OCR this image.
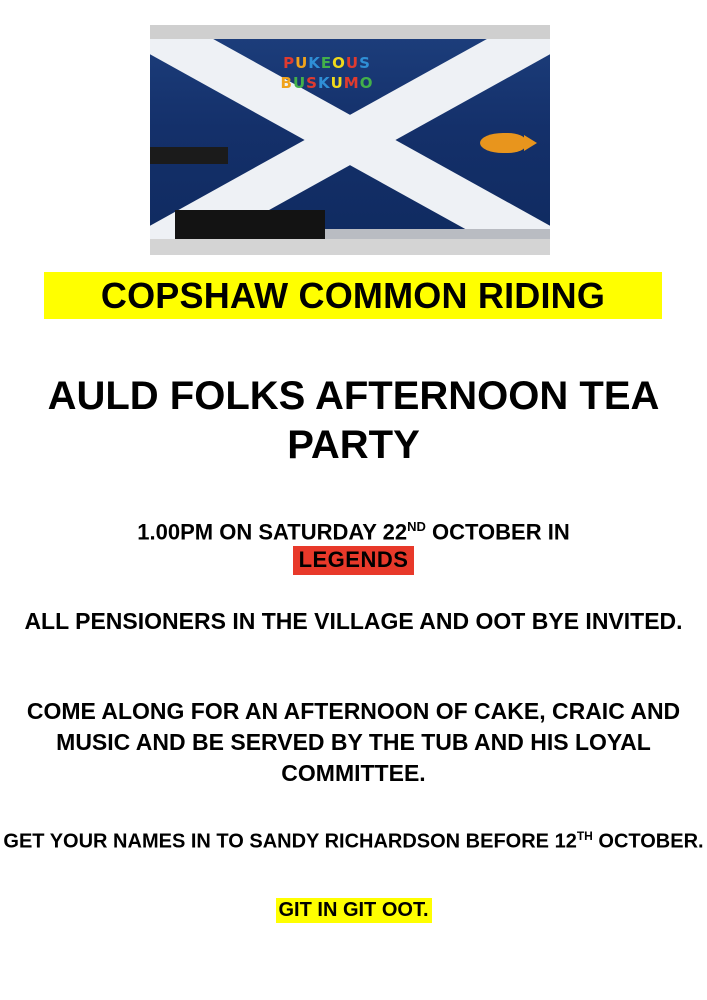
PUKEOUS
BUSKUMO
COPSHAW COMMON RIDING
AULD FOLKS AFTERNOON TEA PARTY
1.00PM ON SATURDAY 22ND OCTOBER IN
LEGENDS
ALL PENSIONERS IN THE VILLAGE AND OOT BYE INVITED.
COME ALONG FOR AN AFTERNOON OF CAKE, CRAIC AND MUSIC AND BE SERVED BY THE TUB AND HIS LOYAL COMMITTEE.
GET YOUR NAMES IN TO SANDY RICHARDSON BEFORE 12TH OCTOBER.
GIT IN GIT OOT.
